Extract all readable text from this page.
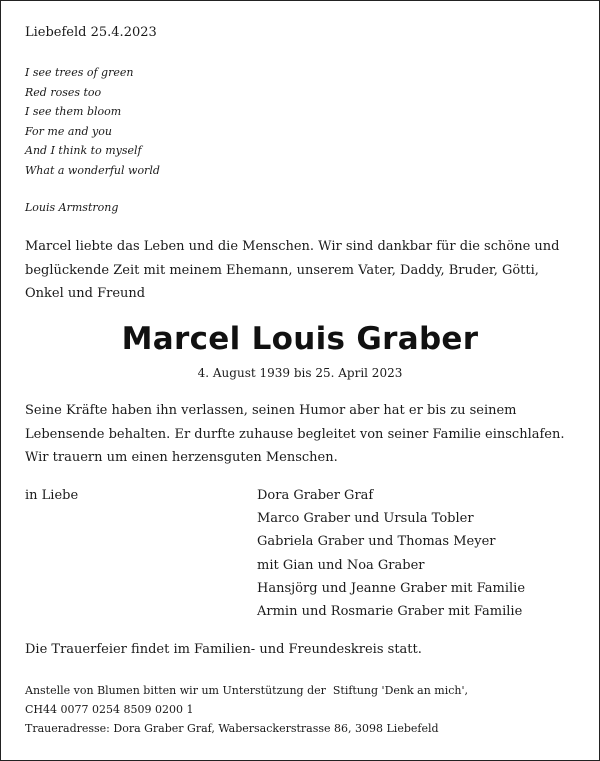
Liebefeld 25.4.2023
I see trees of green
Red roses too
I see them bloom
For me and you
And I think to myself
What a wonderful world
Louis Armstrong
Marcel liebte das Leben und die Menschen. Wir sind dankbar für die schöne und beglückende Zeit mit meinem Ehemann, unserem Vater, Daddy, Bruder, Götti, Onkel und Freund
Marcel Louis Graber
4. August 1939 bis 25. April 2023
Seine Kräfte haben ihn verlassen, seinen Humor aber hat er bis zu seinem Lebensende behalten. Er durfte zuhause begleitet von seiner Familie einschlafen. Wir trauern um einen herzensguten Menschen.
in Liebe	Dora Graber Graf
Marco Graber und Ursula Tobler
Gabriela Graber und Thomas Meyer
mit Gian und Noa Graber
Hansjörg und Jeanne Graber mit Familie
Armin und Rosmarie Graber mit Familie
Die Trauerfeier findet im Familien- und Freundeskreis statt.
Anstelle von Blumen bitten wir um Unterstützung der  Stiftung 'Denk an mich',
CH44 0077 0254 8509 0200 1
Traueradresse: Dora Graber Graf, Wabersackerstrasse 86, 3098 Liebefeld
